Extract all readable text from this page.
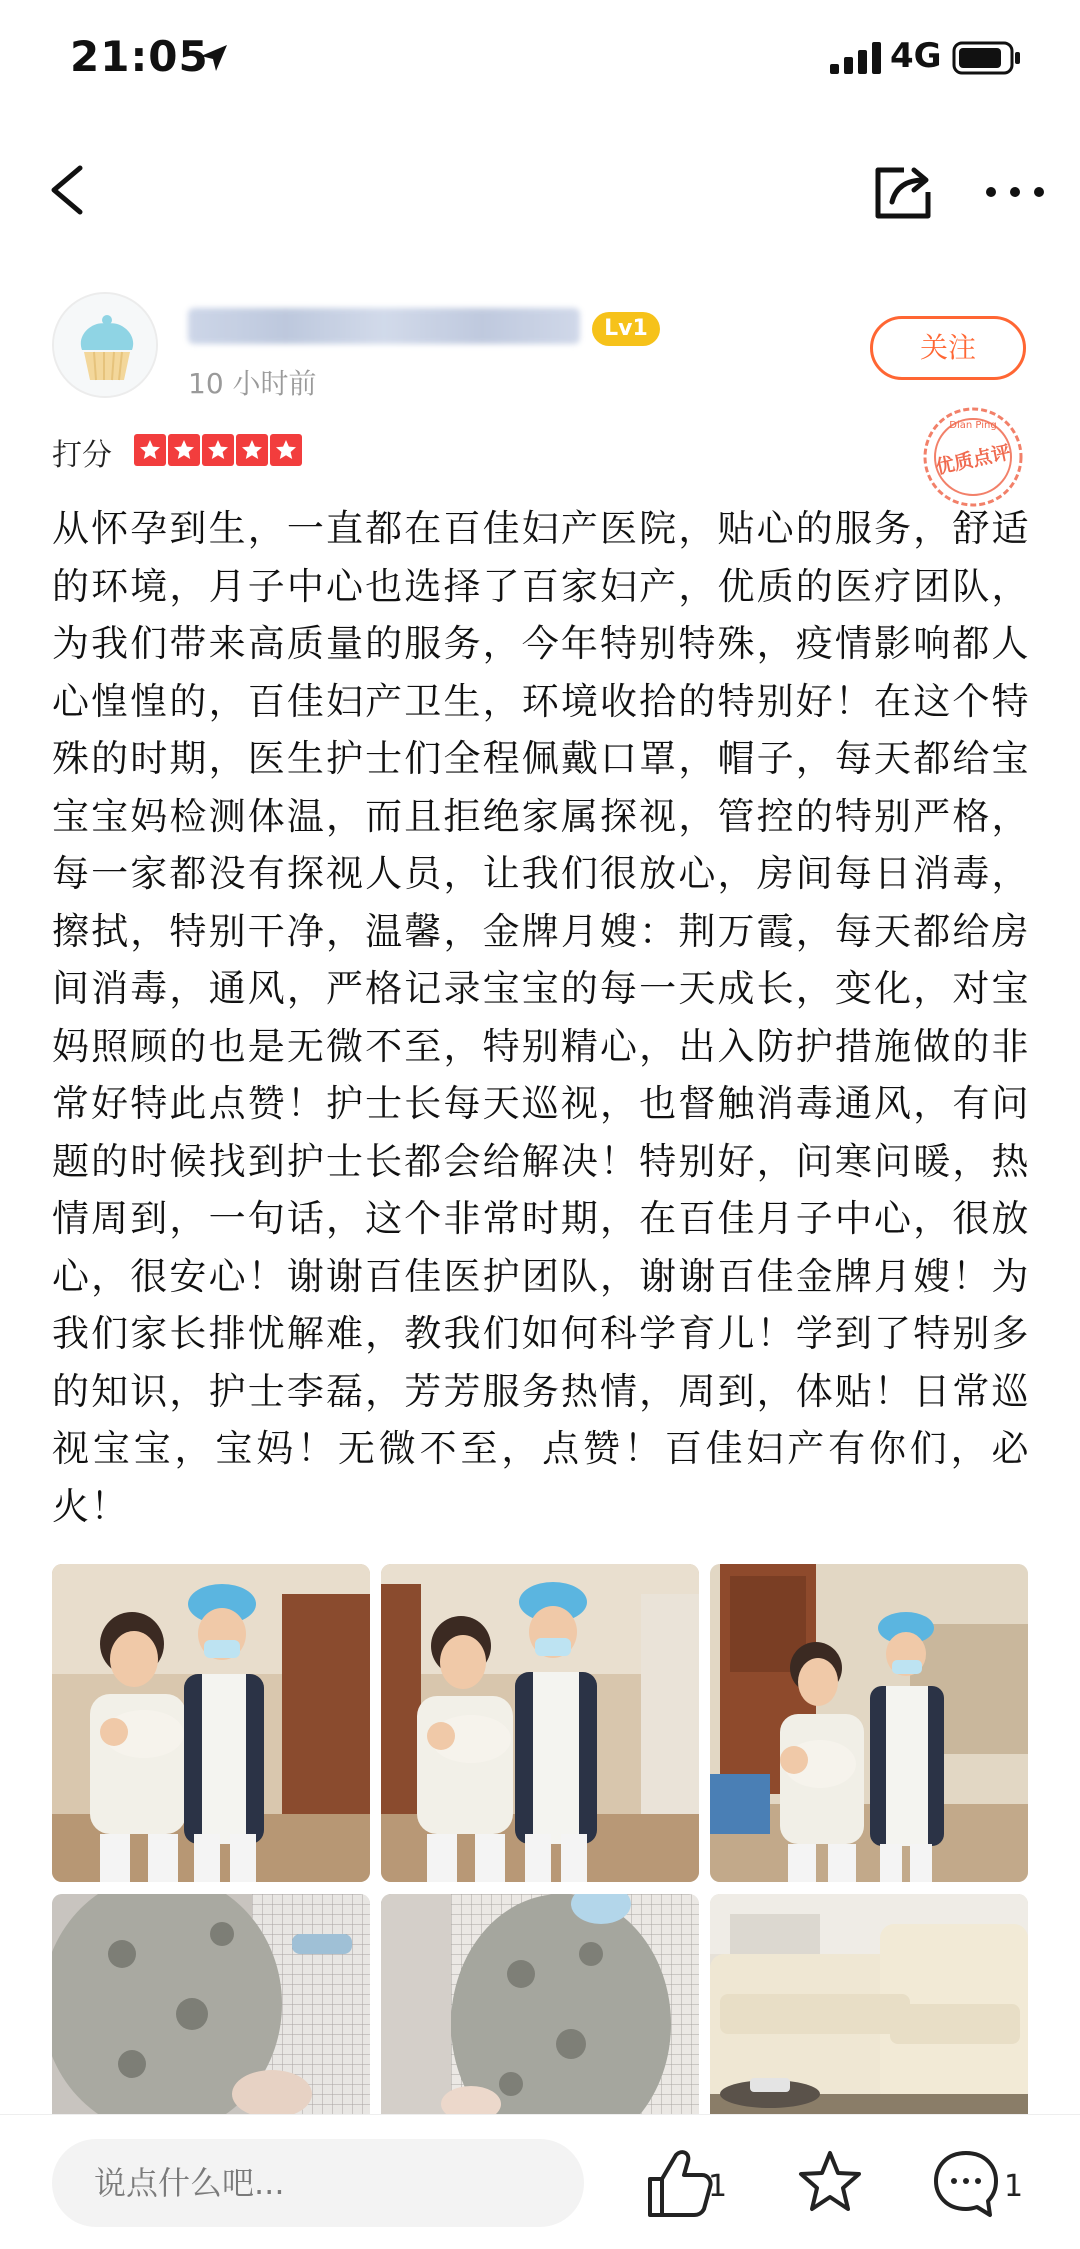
21:05	4G
Lv1
10 小时前
关注
Dian Ping
优质点评
打分
从怀孕到生，一直都在百佳妇产医院，贴心的服务，舒适的环境，月子中心也选择了百家妇产，优质的医疗团队，为我们带来高质量的服务，今年特别特殊，疫情影响都人心惶惶的，百佳妇产卫生，环境收拾的特别好！在这个特殊的时期，医生护士们全程佩戴口罩，帽子，每天都给宝宝宝妈检测体温，而且拒绝家属探视，管控的特别严格，每一家都没有探视人员，让我们很放心，房间每日消毒，擦拭，特别干净，温馨，金牌月嫂：荆万霞，每天都给房间消毒，通风，严格记录宝宝的每一天成长，变化，对宝妈照顾的也是无微不至，特别精心，出入防护措施做的非常好特此点赞！护士长每天巡视，也督触消毒通风，有问题的时候找到护士长都会给解决！特别好，问寒问暖，热情周到，一句话，这个非常时期，在百佳月子中心，很放心，很安心！谢谢百佳医护团队，谢谢百佳金牌月嫂！为我们家长排忧解难，教我们如何科学育儿！学到了特别多的知识，护士李磊，芳芳服务热情，周到，体贴！日常巡视宝宝，宝妈！无微不至，点赞！百佳妇产有你们，必火！
说点什么吧...
1	1
